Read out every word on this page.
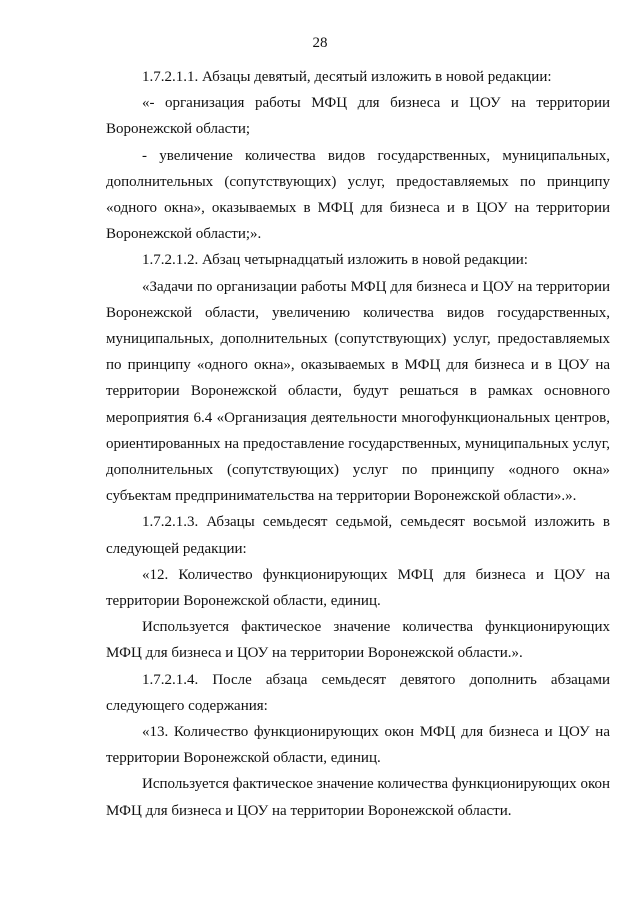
28

1.7.2.1.1. Абзацы девятый, десятый изложить в новой редакции:

«- организация работы МФЦ для бизнеса и ЦОУ на территории Воронежской области;

- увеличение количества видов государственных, муниципальных, дополнительных (сопутствующих) услуг, предоставляемых по принципу «одного окна», оказываемых в МФЦ для бизнеса и в ЦОУ на территории Воронежской области;».

1.7.2.1.2. Абзац четырнадцатый изложить в новой редакции:

«Задачи по организации работы МФЦ для бизнеса и ЦОУ на территории Воронежской области, увеличению количества видов государственных, муниципальных, дополнительных (сопутствующих) услуг, предоставляемых по принципу «одного окна», оказываемых в МФЦ для бизнеса и в ЦОУ на территории Воронежской области, будут решаться в рамках основного мероприятия 6.4 «Организация деятельности многофункциональных центров, ориентированных на предоставление государственных, муниципальных услуг, дополнительных (сопутствующих) услуг по принципу «одного окна» субъектам предпринимательства на территории Воронежской области».».

1.7.2.1.3. Абзацы семьдесят седьмой, семьдесят восьмой изложить в следующей редакции:

«12. Количество функционирующих МФЦ для бизнеса и ЦОУ на территории Воронежской области, единиц.

Используется фактическое значение количества функционирующих МФЦ для бизнеса и ЦОУ на территории Воронежской области.».

1.7.2.1.4. После абзаца семьдесят девятого дополнить абзацами следующего содержания:

«13. Количество функционирующих окон МФЦ для бизнеса и ЦОУ на территории Воронежской области, единиц.

Используется фактическое значение количества функционирующих окон МФЦ для бизнеса и ЦОУ на территории Воронежской области.
